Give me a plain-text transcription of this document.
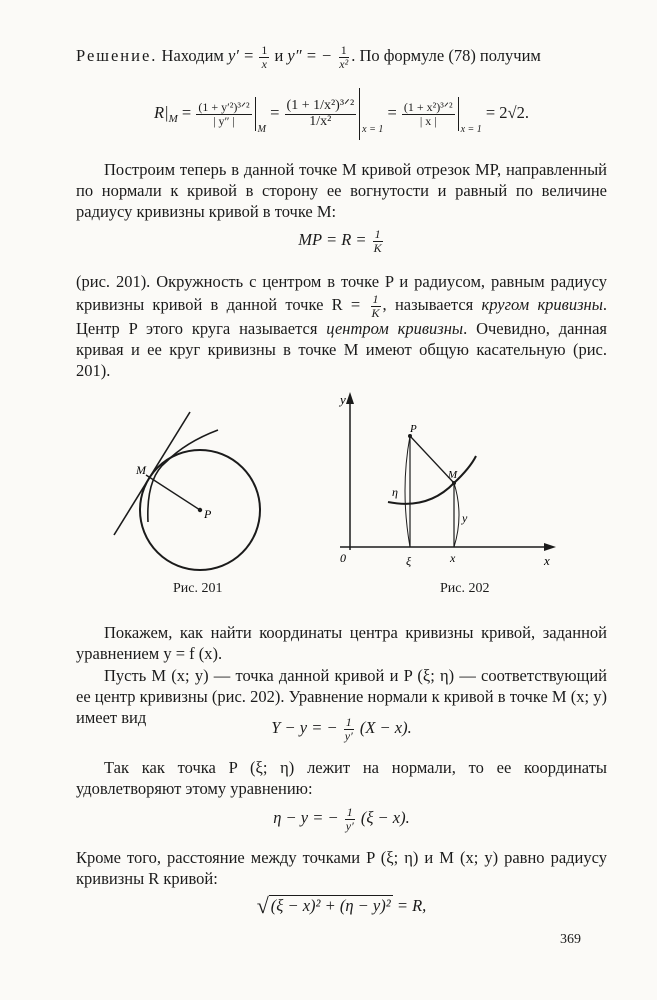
Решение. Находим $y' = \frac{1}{x}$ и y″ = − $\frac{1}{\text{x²}}$ . По формуле (78) получим

$R|_M = \frac{\text{(1 + y′²)³ᐟ²}}{| y'' |}$
$_M = \frac{\text{(1 + 1/x²)³ᐟ²}}{\text{1/x²}}$
$_{x = 1} = \frac{\text{(1 + x²)³ᐟ²}}{| x |}$
$_{x = 1}$ = 2√2.

Построим теперь в данной точке M кривой отрезок MP, направленный по нормали к кривой в сторону ее вогнутости и равный по величине радиусу кривизны кривой в точке M:

MP = $R = \frac{1}{K}$

(рис. 201). Окружность с центром в точке P и радиусом, равным радиусу кривизны кривой в данной точке $R = \frac{1}{K}$ , называется кругом кривизны. Центр P этого круга называется центром кривизны. Очевидно, данная кривая и ее круг кривизны в точке M имеют общую касательную (рис. 201).

M
P
Рис. 201
y
x
0
P
M
η
y
ξ	x
Рис. 202

Покажем, как найти координаты центра кривизны кривой, заданной уравнением y = f (x).

Пусть M (x; y) — точка данной кривой и P (ξ; η) — соответствующий ее центр кривизны (рис. 202). Уравнение нормали к кривой в точке M (x; y) имеет вид

Y − y = − $\frac{1}{y'} (X - x)$.

Так как точка P (ξ; η) лежит на нормали, то ее координаты удовлетворяют этому уравнению:

η − y = − $\frac{1}{y'} (\xi - x)$.

Кроме того, расстояние между точками P (ξ; η) и M (x; y) равно радиусу кривизны R кривой:

√ (ξ − x)² + (η − y)² = R,
369
